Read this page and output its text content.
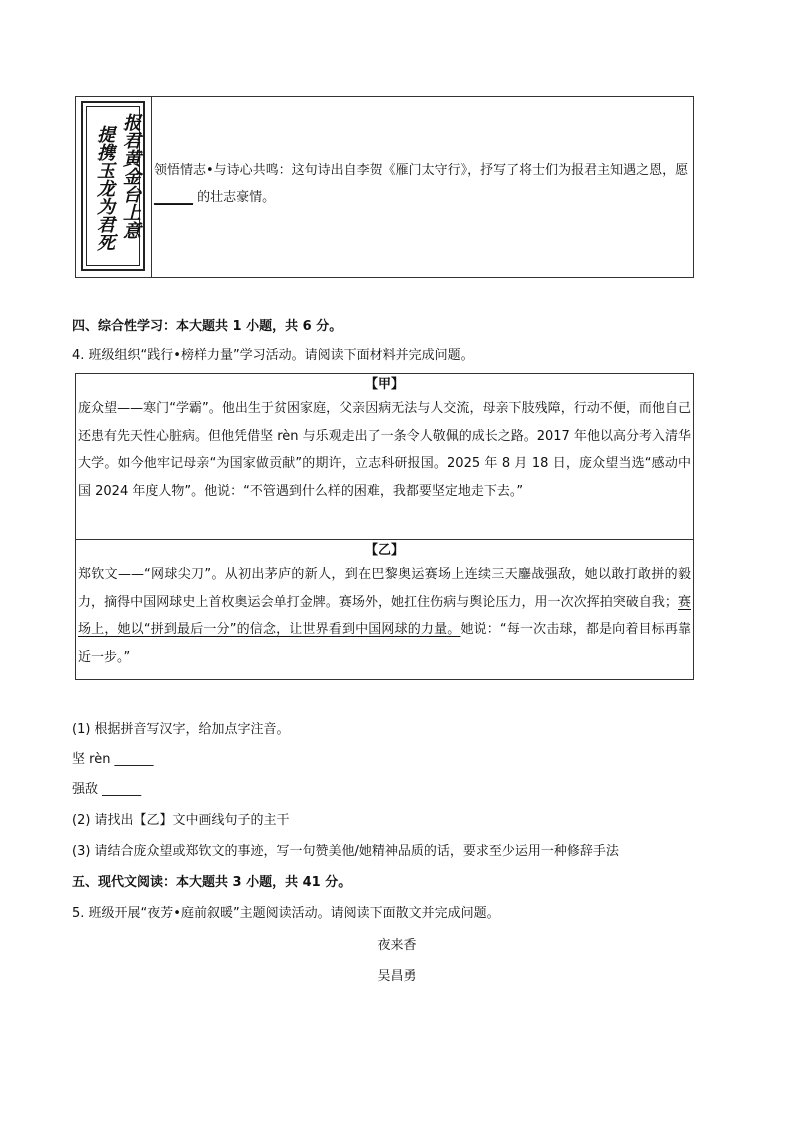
报君黄金台上意
提携玉龙为君死	领悟情志•与诗心共鸣：这句诗出自李贺《雁门太守行》，抒写了将士们为报君主知遇之恩，愿 ______ 的壮志豪情。
四、综合性学习：本大题共 1 小题，共 6 分。
4. 班级组织“践行•榜样力量”学习活动。请阅读下面材料并完成问题。
【甲】
庞众望——寒门“学霸”。他出生于贫困家庭，父亲因病无法与人交流，母亲下肢残障，行动不便，而他自己还患有先天性心脏病。但他凭借坚 rèn 与乐观走出了一条令人敬佩的成长之路。2017 年他以高分考入清华大学。如今他牢记母亲“为国家做贡献”的期许，立志科研报国。2025 年 8 月 18 日，庞众望当选“感动中国 2024 年度人物”。他说：“不管遇到什么样的困难，我都要坚定地走下去。”
【乙】
郑钦文——“网球尖刀”。从初出茅庐的新人，到在巴黎奥运赛场上连续三天鏖战强敌，她以敢打敢拼的毅力，摘得中国网球史上首枚奥运会单打金牌。赛场外，她扛住伤病与舆论压力，用一次次挥拍突破自我；赛场上，她以“拼到最后一分”的信念，让世界看到中国网球的力量。她说：“每一次击球，都是向着目标再靠近一步。”
(1) 根据拼音写汉字，给加点字注音。
坚 rèn ______
强敌 ______
(2) 请找出【乙】文中画线句子的主干
(3) 请结合庞众望或郑钦文的事迹，写一句赞美他/她精神品质的话，要求至少运用一种修辞手法
五、现代文阅读：本大题共 3 小题，共 41 分。
5. 班级开展“夜芳•庭前叙暖”主题阅读活动。请阅读下面散文并完成问题。
夜来香
吴昌勇
